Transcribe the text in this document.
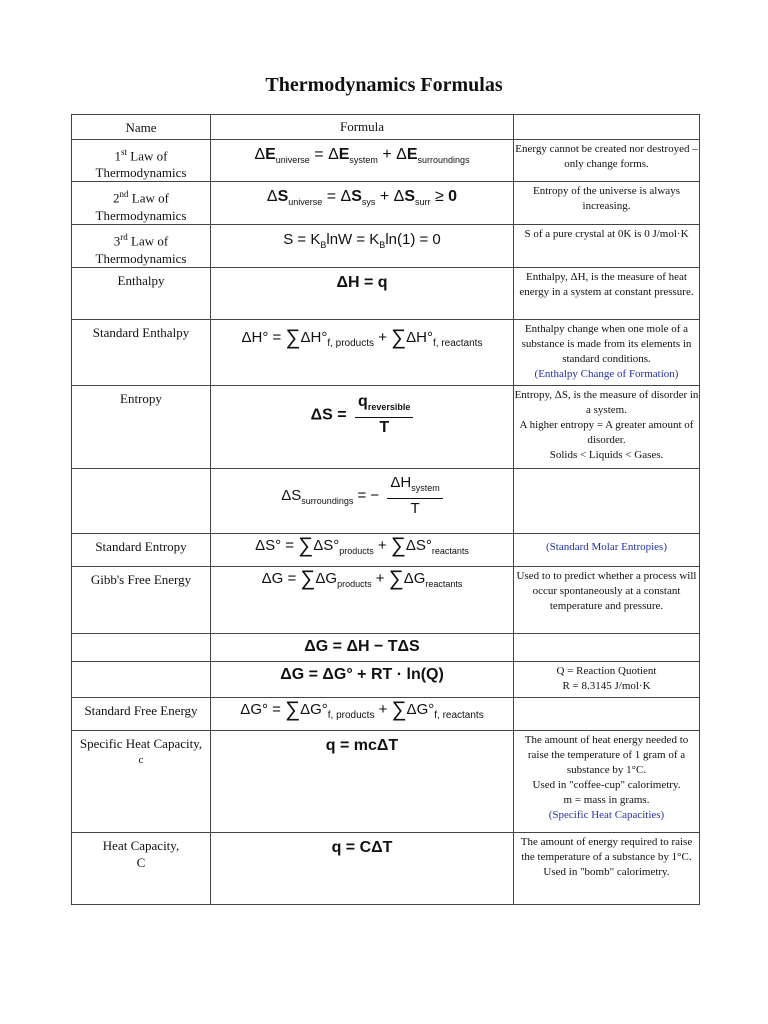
Thermodynamics Formulas
Name	Formula	
1st Law of Thermodynamics	$\Delta E_{universe} = \Delta E_{system} + \Delta E_{surroundings}$	Energy cannot be created nor destroyed – only change forms.
2nd Law of Thermodynamics	$\Delta S_{universe} = \Delta S_{sys} + \Delta S_{surr} \ge 0$	Entropy of the universe is always increasing.
3rd Law of Thermodynamics	$S = K_B\ln W = K_B\ln(1) = 0$	S of a pure crystal at 0K is 0 J/mol·K
Enthalpy	ΔH = q	Enthalpy, ΔH, is the measure of heat energy in a system at constant pressure.
Standard Enthalpy	$\Delta H^\circ = \sum\Delta H^\circ_{f, products} + \sum\Delta H^\circ_{f, reactants}$	Enthalpy change when one mole of a substance is made from its elements in standard conditions.
(Enthalpy Change of Formation)

Entropy	$\Delta S = \frac{q_{reversible}}{T}$	Entropy, ΔS, is the measure of disorder in a system.
A higher entropy = A greater amount of disorder.
Solids < Liquids < Gases.

	$\Delta S_{surroundings}$ = − $\frac{\Delta H_{system}}{T}$

Standard Entropy	$\Delta S^\circ = \sum\Delta S^\circ_{products} + \sum\Delta S^\circ_{reactants}$	(Standard Molar Entropies)

Gibb's Free Energy	$\Delta G = \sum\Delta G_{products} + \sum\Delta G_{reactants}$	Used to to predict whether a process will occur spontaneously at a constant temperature and pressure.

	ΔG = ΔH − TΔS	

	ΔG = ΔG° + RT · ln(Q)	Q = Reaction Quotient
R = 8.3145 J/mol·K

Standard Free Energy	$\Delta G^\circ = \sum\Delta G^\circ_{f, products} + \sum\Delta G^\circ_{f, reactants}$

Specific Heat Capacity,
c	q = mcΔT	The amount of heat energy needed to raise the temperature of 1 gram of a substance by 1°C.
Used in "coffee-cup" calorimetry.
m = mass in grams.
(Specific Heat Capacities)

Heat Capacity,
C	q = CΔT	The amount of energy required to raise the temperature of a substance by 1°C.
Used in "bomb" calorimetry.
